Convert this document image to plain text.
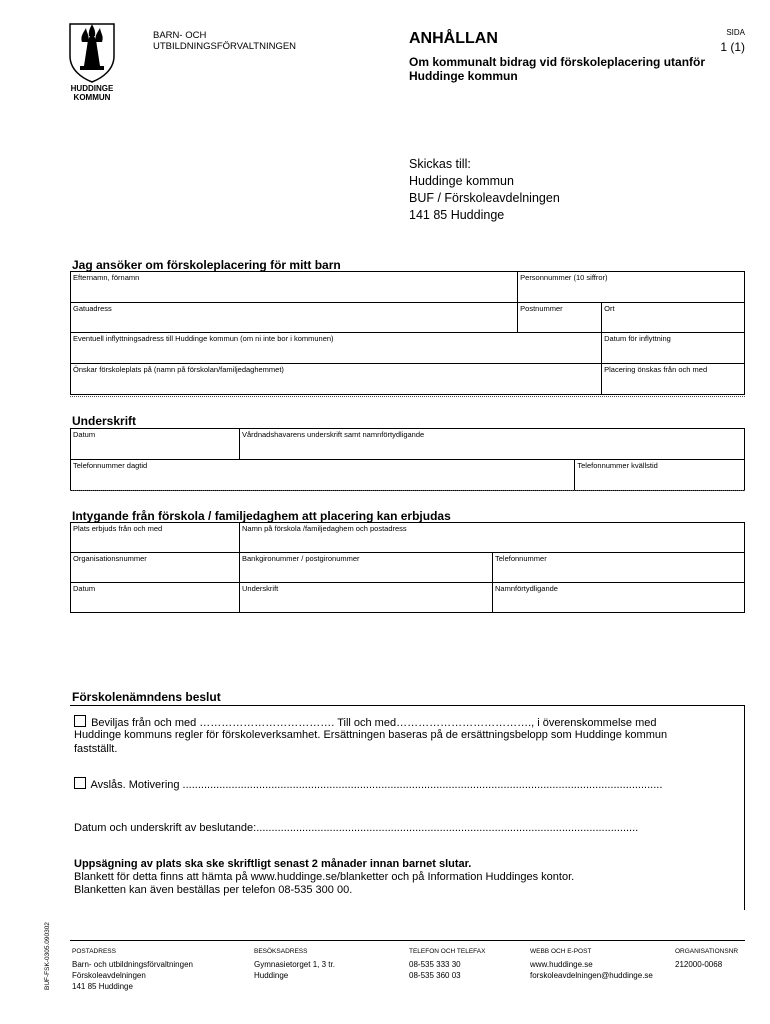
HUDDINGE
KOMMUN
BARN- OCH
UTBILDNINGSFÖRVALTNINGEN	ANHÅLLAN
Om kommunalt bidrag vid förskoleplacering utanför Huddinge kommun
SIDA
1 (1)
Skickas till:
Huddinge kommun
BUF / Förskoleavdelningen
141 85 Huddinge
Jag ansöker om förskoleplacering för mitt barn
Efternamn, förnamn	Personnummer (10 siffror)	
Gatuadress	Postnummer	Ort
Eventuell inflyttningsadress till Huddinge kommun (om ni inte bor i kommunen)		Datum för inflyttning
Önskar förskoleplats på (namn på förskolan/familjedaghemmet)		Placering önskas från och med
Underskrift
Datum	Vårdnadshavarens underskrift samt namnförtydligande	
Telefonnummer dagtid		Telefonnummer kvällstid
Intygande från förskola / familjedaghem att placering kan erbjudas
Plats erbjuds från och med	Namn på förskola /familjedaghem och postadress	
Organisationsnummer	Bankgironummer / postgironummer	Telefonnummer
Datum	Underskrift	Namnförtydligande
Förskolenämndens beslut
Beviljas från och med ………………………………. Till och med………………………………., i överenskommelse med
Huddinge kommuns regler för förskoleverksamhet. Ersättningen baseras på de ersättningsbelopp som Huddinge kommun
fastställt.
Avslås. Motivering .............................................................................................................................................................
Datum och underskrift av beslutande:.............................................................................................................................
Uppsägning av plats ska ske skriftligt senast 2 månader innan barnet slutar.
Blankett för detta finns att hämta på www.huddinge.se/blanketter och på Information Huddinges kontor.
Blanketten kan även beställas per telefon 08-535 300 00.
BUF-FSK-0305.090302	POSTADRESS
Barn- och utbildningsförvaltningen
Förskoleavdelningen
141 85 Huddinge
BESÖKSADRESS
Gymnasietorget 1, 3 tr.
Huddinge
TELEFON OCH TELEFAX
08-535 333 30
08-535 360 03
WEBB OCH E-POST
www.huddinge.se
forskoleavdelningen@huddinge.se
ORGANISATIONSNR
212000-0068
